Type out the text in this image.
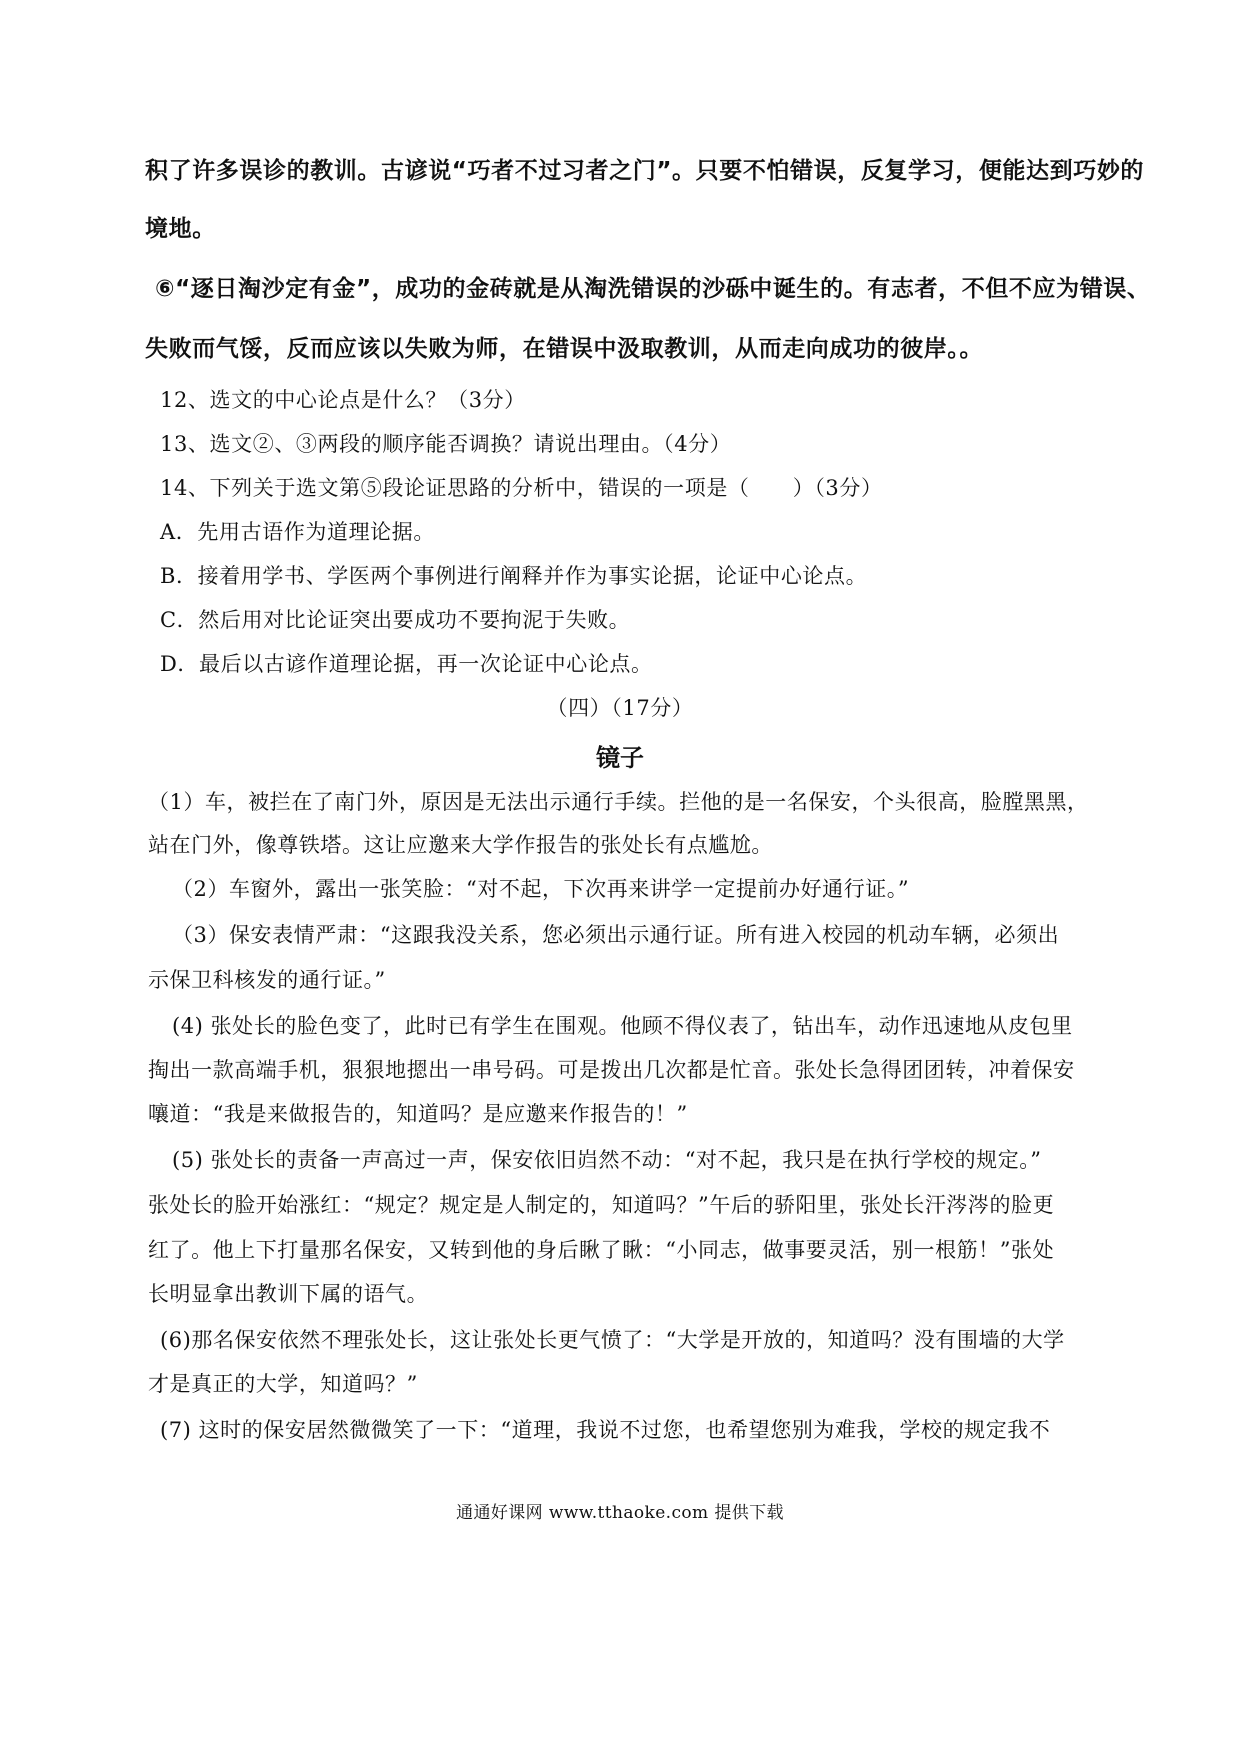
积了许多误诊的教训。古谚说“巧者不过习者之门”。只要不怕错误，反复学习，便能达到巧妙的
境地。
⑥“逐日淘沙定有金”，成功的金砖就是从淘洗错误的沙砾中诞生的。有志者，不但不应为错误、
失败而气馁，反而应该以失败为师，在错误中汲取教训，从而走向成功的彼岸。。
12、选文的中心论点是什么？（3分）
13、选文②、③两段的顺序能否调换？请说出理由。（4分）
14、下列关于选文第⑤段论证思路的分析中，错误的一项是（　　）（3分）
A．先用古语作为道理论据。
B．接着用学书、学医两个事例进行阐释并作为事实论据，论证中心论点。
C．然后用对比论证突出要成功不要拘泥于失败。
D．最后以古谚作道理论据，再一次论证中心论点。
（四）（17分）
镜子
（1）车，被拦在了南门外，原因是无法出示通行手续。拦他的是一名保安，个头很高，脸膛黑黑，
站在门外，像尊铁塔。这让应邀来大学作报告的张处长有点尴尬。
（2）车窗外，露出一张笑脸：“对不起，下次再来讲学一定提前办好通行证。”
（3）保安表情严肃：“这跟我没关系，您必须出示通行证。所有进入校园的机动车辆，必须出
示保卫科核发的通行证。”
(4) 张处长的脸色变了，此时已有学生在围观。他顾不得仪表了，钻出车，动作迅速地从皮包里
掏出一款高端手机，狠狠地摁出一串号码。可是拨出几次都是忙音。张处长急得团团转，冲着保安
嚷道：“我是来做报告的，知道吗？是应邀来作报告的！”
(5) 张处长的责备一声高过一声，保安依旧岿然不动：“对不起，我只是在执行学校的规定。”
张处长的脸开始涨红：“规定？规定是人制定的，知道吗？”午后的骄阳里，张处长汗涔涔的脸更
红了。他上下打量那名保安，又转到他的身后瞅了瞅：“小同志，做事要灵活，别一根筋！”张处
长明显拿出教训下属的语气。
(6)那名保安依然不理张处长，这让张处长更气愤了：“大学是开放的，知道吗？没有围墙的大学
才是真正的大学，知道吗？”
(7) 这时的保安居然微微笑了一下：“道理，我说不过您，也希望您别为难我，学校的规定我不
通通好课网 www.tthaoke.com 提供下载
